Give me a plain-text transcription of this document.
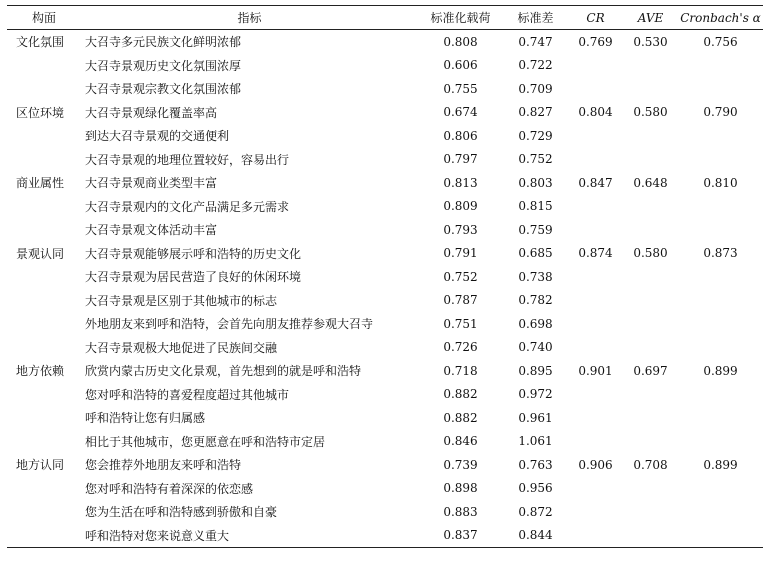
构面	指标	标准化载荷	标准差	CR	AVE	Cronbach's α
文化氛围	大召寺多元民族文化鲜明浓郁	0.808	0.747	0.769	0.530	0.756
	大召寺景观历史文化氛围浓厚	0.606	0.722			
	大召寺景观宗教文化氛围浓郁	0.755	0.709			
区位环境	大召寺景观绿化覆盖率高	0.674	0.827	0.804	0.580	0.790
	到达大召寺景观的交通便利	0.806	0.729			
	大召寺景观的地理位置较好，容易出行	0.797	0.752			
商业属性	大召寺景观商业类型丰富	0.813	0.803	0.847	0.648	0.810
	大召寺景观内的文化产品满足多元需求	0.809	0.815			
	大召寺景观文体活动丰富	0.793	0.759			
景观认同	大召寺景观能够展示呼和浩特的历史文化	0.791	0.685	0.874	0.580	0.873
	大召寺景观为居民营造了良好的休闲环境	0.752	0.738			
	大召寺景观是区别于其他城市的标志	0.787	0.782			
	外地朋友来到呼和浩特，会首先向朋友推荐参观大召寺	0.751	0.698			
	大召寺景观极大地促进了民族间交融	0.726	0.740			
地方依赖	欣赏内蒙古历史文化景观，首先想到的就是呼和浩特	0.718	0.895	0.901	0.697	0.899
	您对呼和浩特的喜爱程度超过其他城市	0.882	0.972			
	呼和浩特让您有归属感	0.882	0.961			
	相比于其他城市，您更愿意在呼和浩特市定居	0.846	1.061			
地方认同	您会推荐外地朋友来呼和浩特	0.739	0.763	0.906	0.708	0.899
	您对呼和浩特有着深深的依恋感	0.898	0.956			
	您为生活在呼和浩特感到骄傲和自豪	0.883	0.872			
	呼和浩特对您来说意义重大	0.837	0.844			
